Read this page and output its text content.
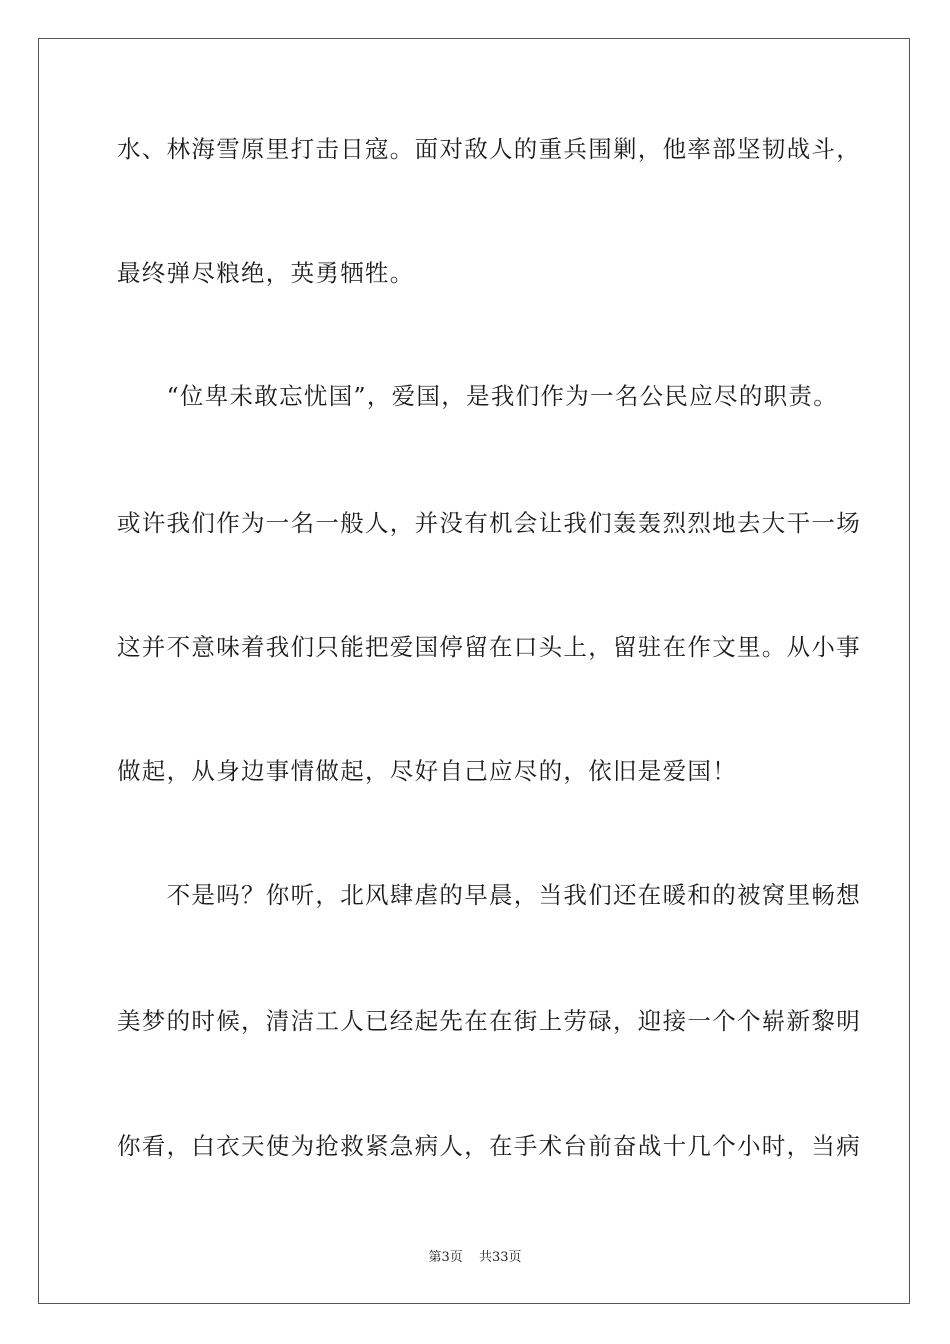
水、林海雪原里打击日寇。面对敌人的重兵围剿，他率部坚韧战斗，
最终弹尽粮绝，英勇牺牲。
　　“位卑未敢忘忧国”，爱国，是我们作为一名公民应尽的职责。
或许我们作为一名一般人，并没有机会让我们轰轰烈烈地去大干一场
这并不意味着我们只能把爱国停留在口头上，留驻在作文里。从小事
做起，从身边事情做起，尽好自己应尽的，依旧是爱国！
　　不是吗？你听，北风肆虐的早晨，当我们还在暖和的被窝里畅想
美梦的时候，清洁工人已经起先在在街上劳碌，迎接一个个崭新黎明
你看，白衣天使为抢救紧急病人，在手术台前奋战十几个小时，当病
第3页 共33页
